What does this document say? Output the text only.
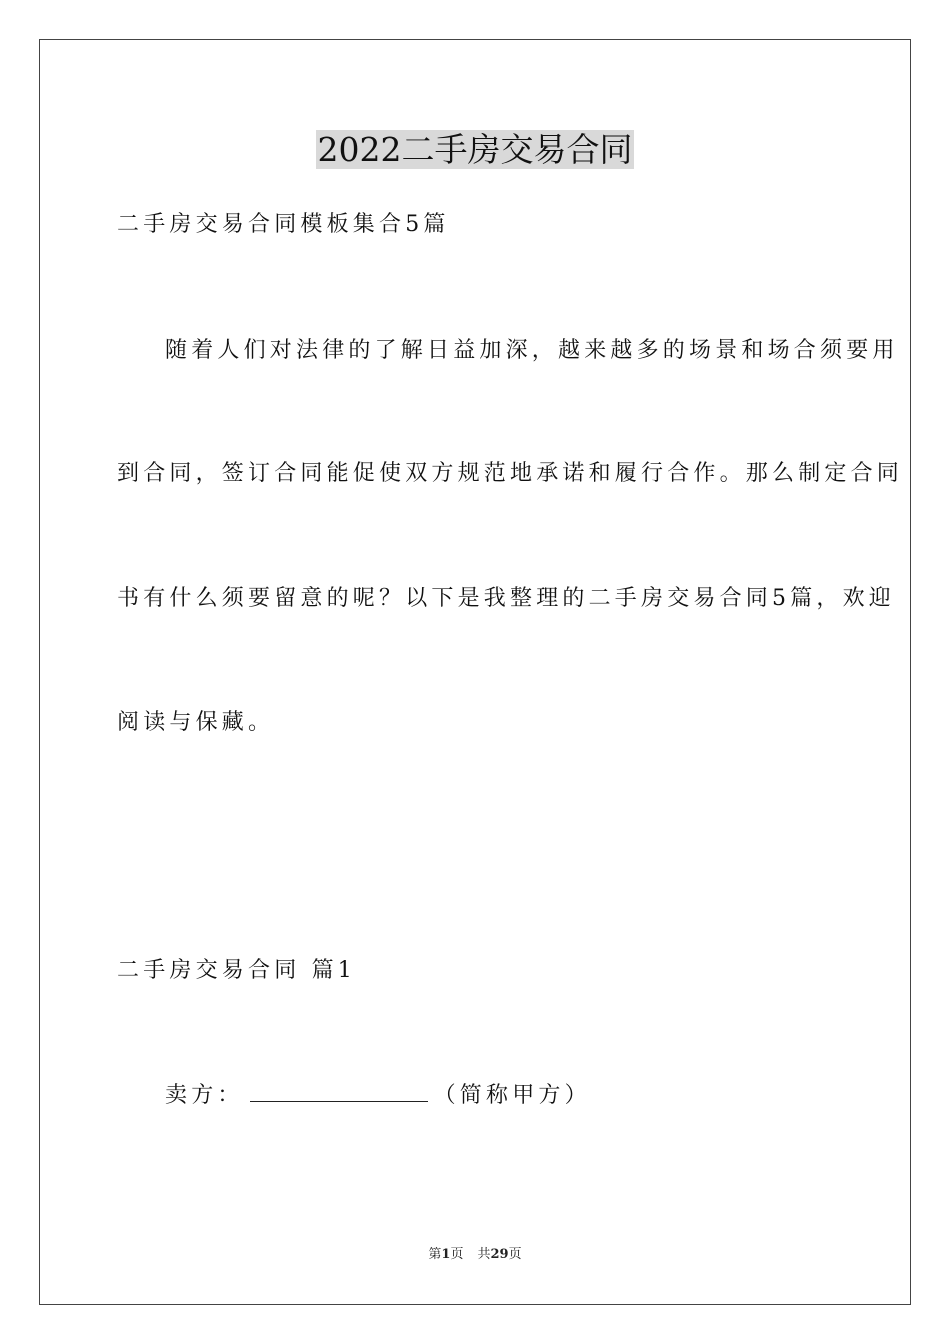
2022二手房交易合同

二手房交易合同模板集合5篇

随着人们对法律的了解日益加深，越来越多的场景和场合须要用

到合同，签订合同能促使双方规范地承诺和履行合作。那么制定合同

书有什么须要留意的呢？以下是我整理的二手房交易合同5篇，欢迎

阅读与保藏。

二手房交易合同 篇1

卖方：	（简称甲方）

第1页 共29页
